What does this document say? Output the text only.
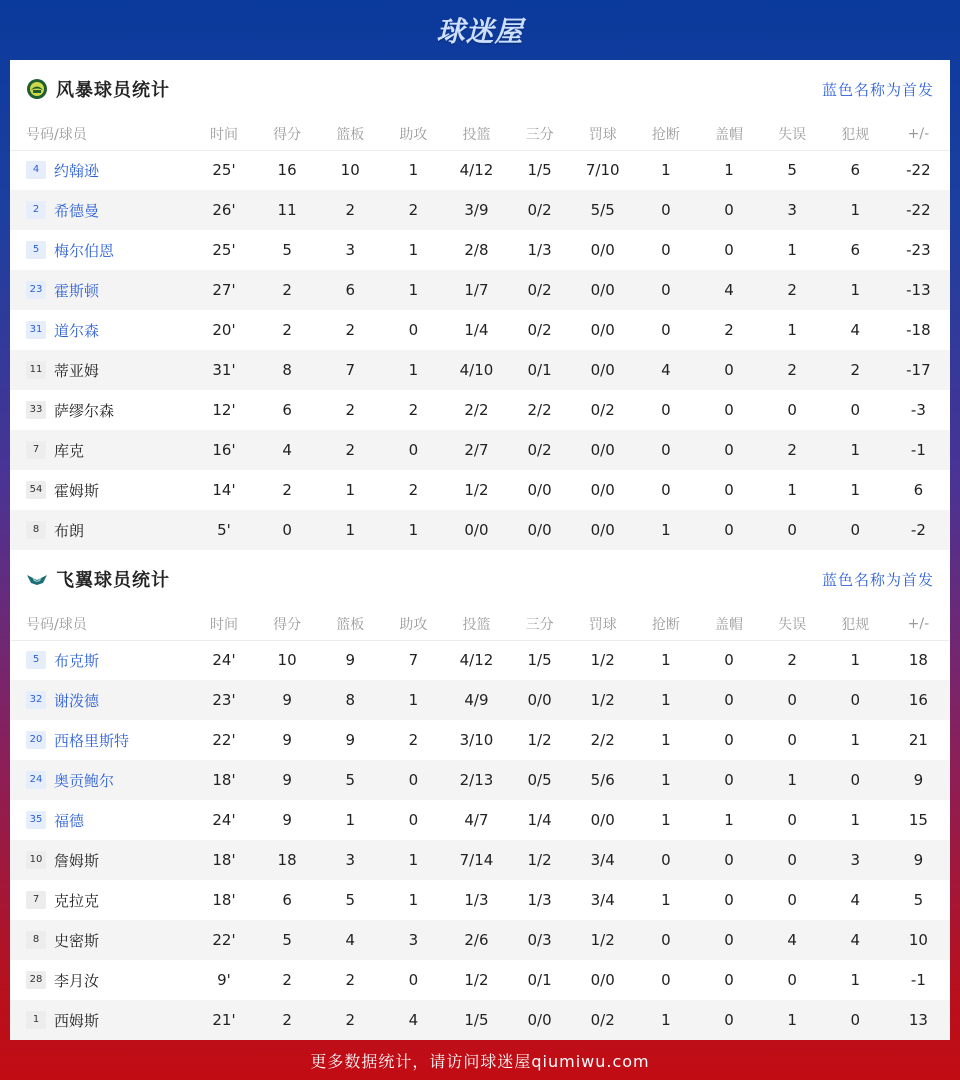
球迷屋
风暴球员统计	蓝色名称为首发
号码/球员	时间	得分	篮板	助攻	投篮	三分	罚球	抢断	盖帽	失误	犯规	+/-
4 约翰逊	25'	16	10	1	4/12	1/5	7/10	1	1	5	6	-22
2 希德曼	26'	11	2	2	3/9	0/2	5/5	0	0	3	1	-22
5 梅尔伯恩	25'	5	3	1	2/8	1/3	0/0	0	0	1	6	-23
23 霍斯顿	27'	2	6	1	1/7	0/2	0/0	0	4	2	1	-13
31 道尔森	20'	2	2	0	1/4	0/2	0/0	0	2	1	4	-18
11 蒂亚姆	31'	8	7	1	4/10	0/1	0/0	4	0	2	2	-17
33 萨缪尔森	12'	6	2	2	2/2	2/2	0/2	0	0	0	0	-3
7 库克	16'	4	2	0	2/7	0/2	0/0	0	0	2	1	-1
54 霍姆斯	14'	2	1	2	1/2	0/0	0/0	0	0	1	1	6
8 布朗	5'	0	1	1	0/0	0/0	0/0	1	0	0	0	-2
飞翼球员统计	蓝色名称为首发
号码/球员	时间	得分	篮板	助攻	投篮	三分	罚球	抢断	盖帽	失误	犯规	+/-
5 布克斯	24'	10	9	7	4/12	1/5	1/2	1	0	2	1	18
32 谢泼德	23'	9	8	1	4/9	0/0	1/2	1	0	0	0	16
20 西格里斯特	22'	9	9	2	3/10	1/2	2/2	1	0	0	1	21
24 奥贡鲍尔	18'	9	5	0	2/13	0/5	5/6	1	0	1	0	9
35 福德	24'	9	1	0	4/7	1/4	0/0	1	1	0	1	15
10 詹姆斯	18'	18	3	1	7/14	1/2	3/4	0	0	0	3	9
7 克拉克	18'	6	5	1	1/3	1/3	3/4	1	0	0	4	5
8 史密斯	22'	5	4	3	2/6	0/3	1/2	0	0	4	4	10
28 李月汝	9'	2	2	0	1/2	0/1	0/0	0	0	0	1	-1
1 西姆斯	21'	2	2	4	1/5	0/0	0/2	1	0	1	0	13
更多数据统计，请访问球迷屋qiumiwu.com
